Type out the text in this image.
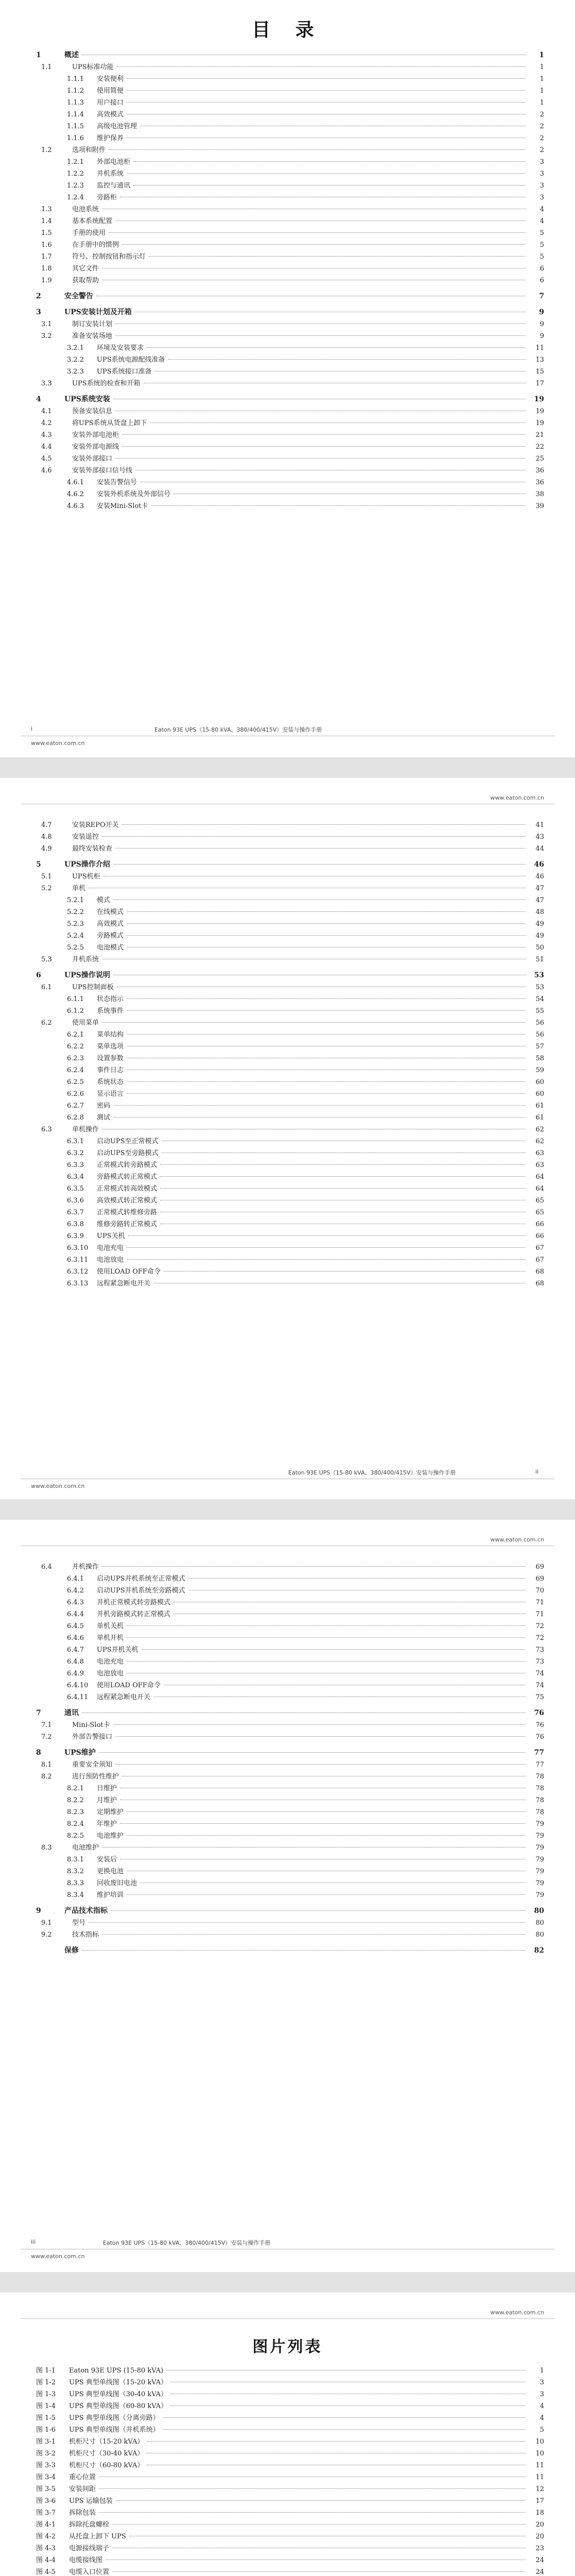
目 录
1	概述	1
1.1	UPS标准功能	1
1.1.1	安装便利	1
1.1.2	使用简便	1
1.1.3	用户接口	1
1.1.4	高效模式	2
1.1.5	高级电池管理	2
1.1.6	维护保养	2
1.2	选项和附件	2
1.2.1	外部电池柜	3
1.2.2	并机系统	3
1.2.3	监控与通讯	3
1.2.4	旁路柜	3
1.3	电池系统	4
1.4	基本系统配置	4
1.5	手册的使用	5
1.6	在手册中的惯例	5
1.7	符号、控制按钮和指示灯	5
1.8	其它文件	6
1.9	获取帮助	6
2	安全警告	7
3	UPS安装计划及开箱	9
3.1	制订安装计划	9
3.2	准备安装场地	9
3.2.1	环境及安装要求	11
3.2.2	UPS系统电源配线准备	13
3.2.3	UPS系统接口准备	15
3.3	UPS系统的检查和开箱	17
4	UPS系统安装	19
4.1	预备安装信息	19
4.2	将UPS系统从货盘上卸下	19
4.3	安装外部电池柜	21
4.4	安装外部电源线	22
4.5	安装外部接口	25
4.6	安装外部接口信号线	36
4.6.1	安装告警信号	36
4.6.2	安装外机系统及外部信号	38
4.6.3	安装Mini-Slot卡	39
i	Eaton 93E UPS（15-80 kVA、380/400/415V）安装与操作手册
www.eaton.com.cn
www.eaton.com.cn
4.7	安装REPO开关	41
4.8	安装遥控	43
4.9	最终安装检查	44
5	UPS操作介绍	46
5.1	UPS机柜	46
5.2	单机	47
5.2.1	模式	47
5.2.2	在线模式	48
5.2.3	高效模式	49
5.2.4	旁路模式	49
5.2.5	电池模式	50
5.3	并机系统	51
6	UPS操作说明	53
6.1	UPS控制面板	53
6.1.1	状态指示	54
6.1.2	系统事件	55
6.2	使用菜单	56
6.2.1	菜单结构	56
6.2.2	菜单选项	57
6.2.3	设置参数	58
6.2.4	事件日志	59
6.2.5	系统状态	60
6.2.6	显示语言	60
6.2.7	密码	61
6.2.8	测试	61
6.3	单机操作	62
6.3.1	启动UPS至正常模式	62
6.3.2	启动UPS至旁路模式	63
6.3.3	正常模式转旁路模式	63
6.3.4	旁路模式转正常模式	64
6.3.5	正常模式转高效模式	64
6.3.6	高效模式转正常模式	65
6.3.7	正常模式转维修旁路	65
6.3.8	维修旁路转正常模式	66
6.3.9	UPS关机	66
6.3.10	电池充电	67
6.3.11	电池放电	67
6.3.12	使用LOAD OFF命令	68
6.3.13	远程紧急断电开关	68
Eaton 93E UPS（15-80 kVA、380/400/415V）安装与操作手册	ii
www.eaton.com.cn
www.eaton.com.cn
6.4	并机操作	69
6.4.1	启动UPS并机系统至正常模式	69
6.4.2	启动UPS并机系统至旁路模式	70
6.4.3	并机正常模式转旁路模式	71
6.4.4	并机旁路模式转正常模式	71
6.4.5	单机关机	72
6.4.6	单机开机	72
6.4.7	UPS并机关机	73
6.4.8	电池充电	73
6.4.9	电池放电	74
6.4.10	使用LOAD OFF命令	74
6.4.11	远程紧急断电开关	75
7	通讯	76
7.1	Mini-Slot卡	76
7.2	外部告警接口	76
8	UPS维护	77
8.1	重要安全须知	77
8.2	进行预防性维护	78
8.2.1	日维护	78
8.2.2	月维护	78
8.2.3	定期维护	78
8.2.4	年维护	79
8.2.5	电池维护	79
8.3	电池维护	79
8.3.1	安装后	79
8.3.2	更换电池	79
8.3.3	回收废旧电池	79
8.3.4	维护培训	79
9	产品技术指标	80
9.1	型号	80
9.2	技术指标	80
保修	82
iii	Eaton 93E UPS（15-80 kVA、380/400/415V）安装与操作手册
www.eaton.com.cn
www.eaton.com.cn
图片列表
图 1-1	Eaton 93E UPS (15-80 kVA)	1
图 1-2	UPS 典型单线图（15-20 kVA）	3
图 1-3	UPS 典型单线图（30-40 kVA）	3
图 1-4	UPS 典型单线图（60-80 kVA）	4
图 1-5	UPS 典型单线图（分离旁路）	4
图 1-6	UPS 典型单线图（并机系统）	5
图 3-1	机柜尺寸（15-20 kVA）	10
图 3-2	机柜尺寸（30-40 kVA）	10
图 3-3	机柜尺寸（60-80 kVA）	11
图 3-4	重心位置	11
图 3-5	安装间距	12
图 3-6	UPS 运输包装	17
图 3-7	拆除包装	18
图 4-1	拆除托盘螺栓	20
图 4-2	从托盘上卸下 UPS	20
图 4-3	电源接线端子	23
图 4-4	电缆接线图	24
图 4-5	电缆入口位置	24
